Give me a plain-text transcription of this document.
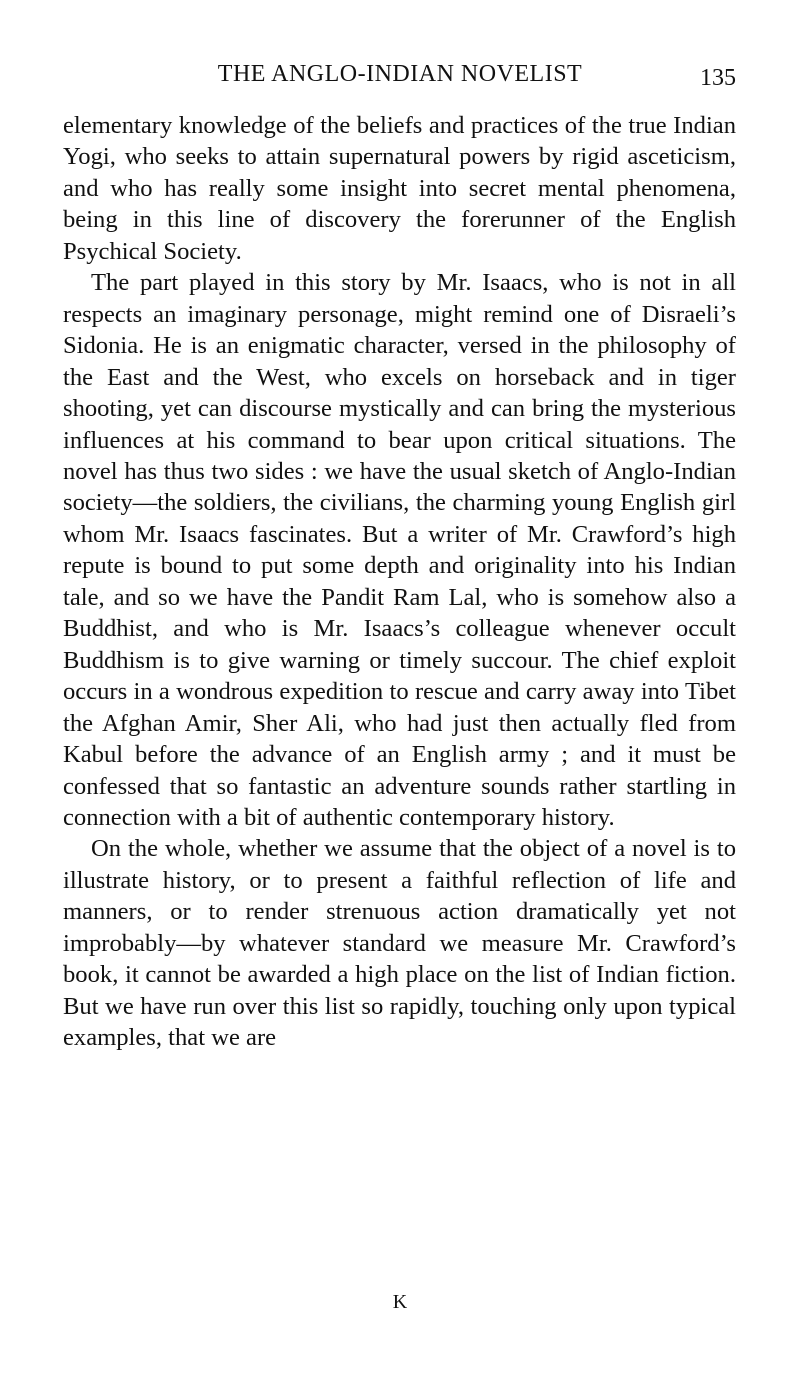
THE ANGLO-INDIAN NOVELIST	135

elementary knowledge of the beliefs and practices of the true Indian Yogi, who seeks to attain supernatural powers by rigid asceticism, and who has really some insight into secret mental phenomena, being in this line of discovery the forerunner of the English Psychical Society.

The part played in this story by Mr. Isaacs, who is not in all respects an imaginary personage, might remind one of Disraeli’s Sidonia. He is an enigmatic character, versed in the philosophy of the East and the West, who excels on horseback and in tiger shooting, yet can discourse mystically and can bring the mysterious influences at his command to bear upon critical situations. The novel has thus two sides : we have the usual sketch of Anglo-Indian society—the soldiers, the civilians, the charming young English girl whom Mr. Isaacs fascinates. But a writer of Mr. Crawford’s high repute is bound to put some depth and originality into his Indian tale, and so we have the Pandit Ram Lal, who is somehow also a Buddhist, and who is Mr. Isaacs’s colleague whenever occult Buddhism is to give warning or timely succour. The chief exploit occurs in a wondrous expedition to rescue and carry away into Tibet the Afghan Amir, Sher Ali, who had just then actually fled from Kabul before the advance of an English army ; and it must be confessed that so fantastic an adventure sounds rather startling in connection with a bit of authentic contemporary history.

On the whole, whether we assume that the object of a novel is to illustrate history, or to present a faithful reflection of life and manners, or to render strenuous action dramatically yet not improbably—by whatever standard we measure Mr. Crawford’s book, it cannot be awarded a high place on the list of Indian fiction. But we have run over this list so rapidly, touching only upon typical examples, that we are

K
